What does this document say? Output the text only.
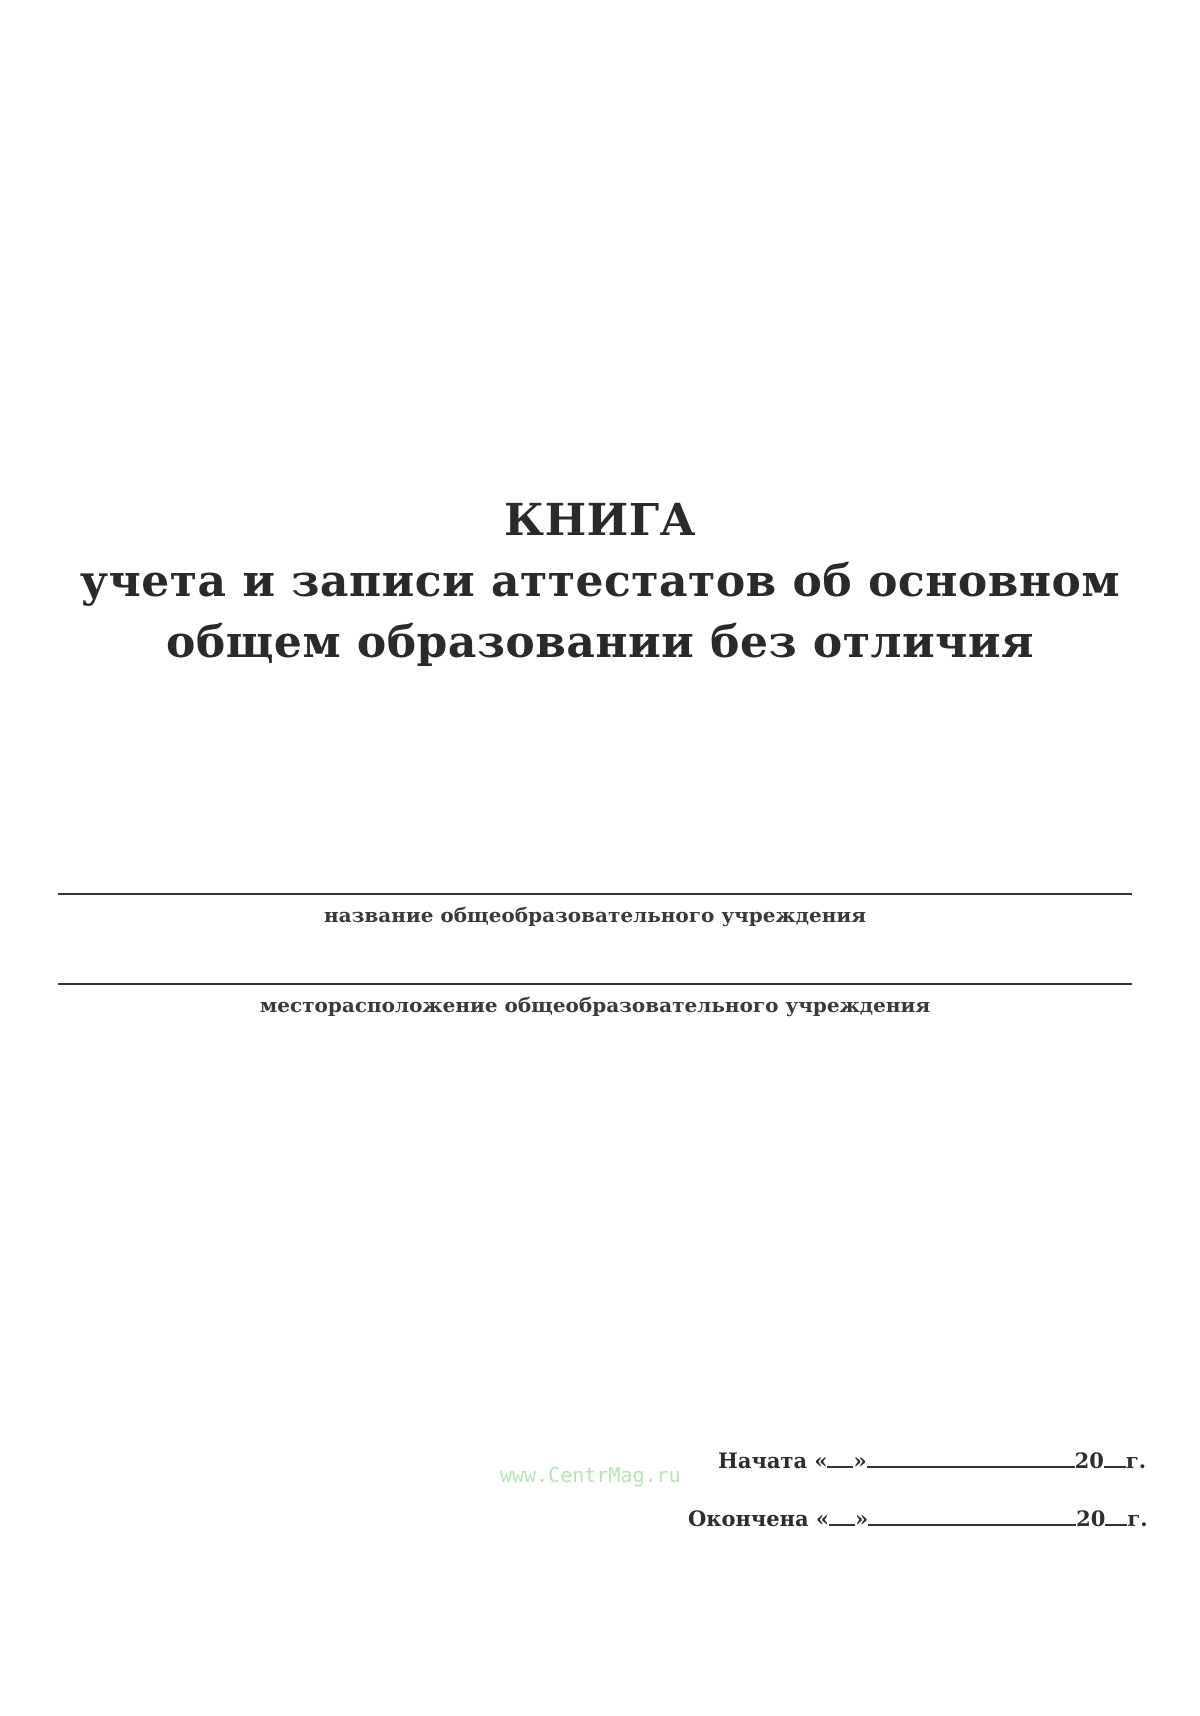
КНИГА
учета и записи аттестатов об основном
общем образовании без отличия
название общеобразовательного учреждения
месторасположение общеобразовательного учреждения
www.CentrMag.ru
Начата
« »	20 г.
Окончена
« »	20 г.
